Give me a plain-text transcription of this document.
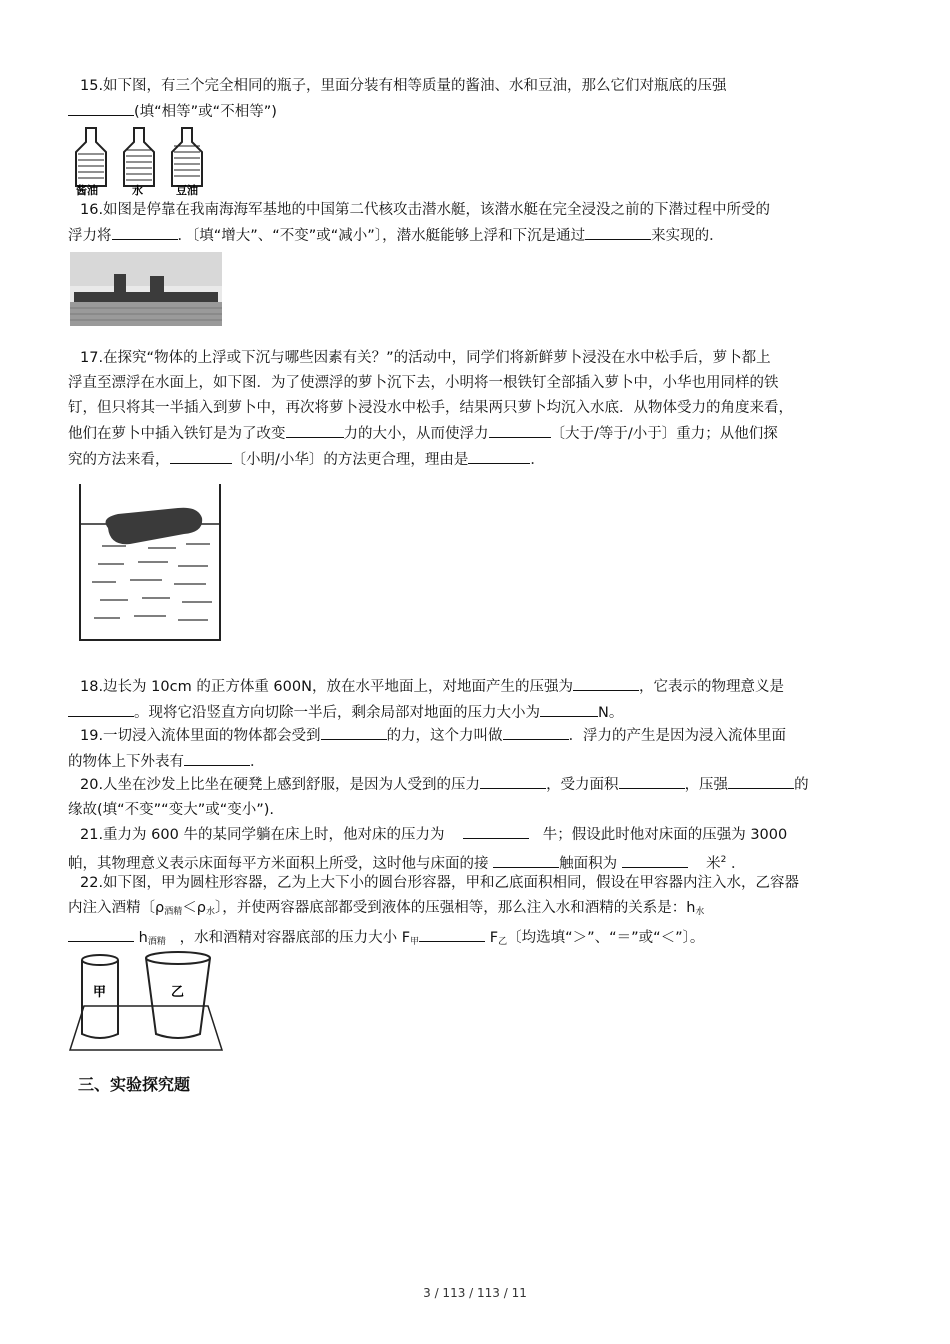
15.如下图，有三个完全相同的瓶子，里面分装有相等质量的酱油、水和豆油，那么它们对瓶底的压强

(填“相等”或“不相等”)

酱油	水	豆油

16.如图是停靠在我南海海军基地的中国第二代核攻击潜水艇，该潜水艇在完全浸没之前的下潜过程中所受的

浮力将	．〔填“增大”、“不变”或“减小”〕，潜水艇能够上浮和下沉是通过	来实现的．

17.在探究“物体的上浮或下沉与哪些因素有关？”的活动中，同学们将新鲜萝卜浸没在水中松手后，萝卜都上

浮直至漂浮在水面上，如下图．为了使漂浮的萝卜沉下去，小明将一根铁钉全部插入萝卜中，小华也用同样的铁

钉，但只将其一半插入到萝卜中，再次将萝卜浸没水中松手，结果两只萝卜均沉入水底．从物体受力的角度来看，

他们在萝卜中插入铁钉是为了改变	力的大小，从而使浮力	〔大于/等于/小于〕重力；从他们探

究的方法来看，	〔小明/小华〕的方法更合理，理由是	．

18.边长为 10cm 的正方体重 600N，放在水平地面上，对地面产生的压强为	，它表示的物理意义是

。现将它沿竖直方向切除一半后，剩余局部对地面的压力大小为	N。

19.一切浸入流体里面的物体都会受到	的力，这个力叫做	．浮力的产生是因为浸入流体里面

的物体上下外表有	．

20.人坐在沙发上比坐在硬凳上感到舒服，是因为人受到的压力	，受力面积	，压强	的

缘故(填“不变”“变大”或“变小”).

21.重力为 600 牛的某同学躺在床上时，他对床的压力为	牛；假设此时他对床面的压强为 3000

帕，其物理意义表示床面每平方米面积上所受，这时他与床面的接	触面积为	米$^2$ ．

22.如下图，甲为圆柱形容器，乙为上大下小的圆台形容器，甲和乙底面积相同，假设在甲容器内注入水，乙容器

内注入酒精〔$\rho_{酒精}<\rho_水$〕，并使两容器底部都受到液体的压强相等，那么注入水和酒精的关系是：$h_水$

$h_{酒精}$ ，水和酒精对容器底部的压力大小 $F_甲$	$F_乙$〔均选填“＞”、“＝”或“＜”〕。

甲	乙

三、实验探究题

3 / 113 / 113 / 11
